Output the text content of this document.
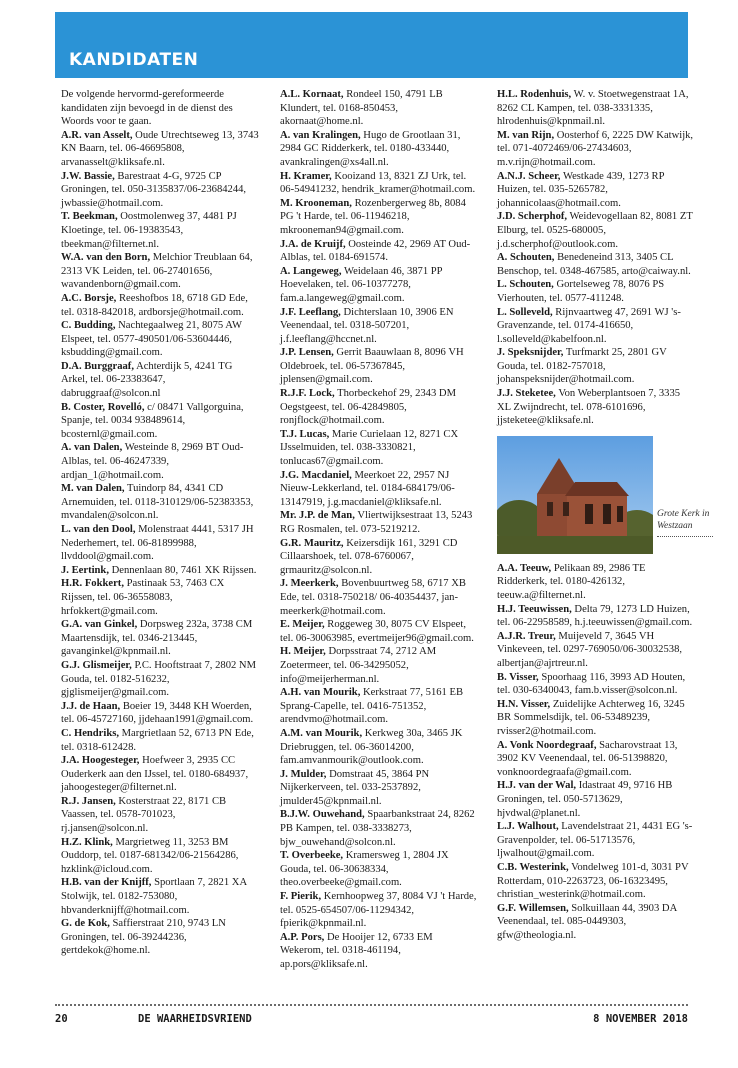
KANDIDATEN

De volgende hervormd-gereformeerde kandidaten zijn bevoegd in de dienst des Woords voor te gaan.

A.R. van Asselt, Oude Utrechtseweg 13, 3743 KN Baarn, tel. 06-46695808, arvanasselt@kliksafe.nl.

J.W. Bassie, Barestraat 4-G, 9725 CP Groningen, tel. 050-3135837/06-23684244, jwbassie@hotmail.com.

T. Beekman, Oostmolenweg 37, 4481 PJ Kloetinge, tel. 06-19383543, tbeekman@filternet.nl.

W.A. van den Born, Melchior Treublaan 64, 2313 VK Leiden, tel. 06-27401656, wavandenborn@gmail.com.

A.C. Borsje, Reeshofbos 18, 6718 GD Ede, tel. 0318-842018, ardborsje@hotmail.com.

C. Budding, Nachtegaalweg 21, 8075 AW Elspeet, tel. 0577-490501/06-53604446, ksbudding@gmail.com.

D.A. Burggraaf, Achterdijk 5, 4241 TG Arkel, tel. 06-23383647, dabruggraaf@solcon.nl

B. Coster, Rovelló, c/ 08471 Vallgorguina, Spanje, tel. 0034 938489614, bcosternl@gmail.com.

A. van Dalen, Westeinde 8, 2969 BT Oud-Alblas, tel. 06-46247339, ardjan_1@hotmail.com.

M. van Dalen, Tuindorp 84, 4341 CD Arnemuiden, tel. 0118-310129/06-52383353, mvandalen@solcon.nl.

L. van den Dool, Molenstraat 4441, 5317 JH Nederhemert, tel. 06-81899988, llvddool@gmail.com.

J. Eertink, Dennenlaan 80, 7461 XK Rijssen.

H.R. Fokkert, Pastinaak 53, 7463 CX Rijssen, tel. 06-36558083, hrfokkert@gmail.com.

G.A. van Ginkel, Dorpsweg 232a, 3738 CM Maartensdijk, tel. 0346-213445, gavanginkel@kpnmail.nl.

G.J. Glismeijer, P.C. Hooftstraat 7, 2802 NM Gouda, tel. 0182-516232, gjglismeijer@gmail.com.

J.J. de Haan, Boeier 19, 3448 KH Woerden, tel. 06-45727160, jjdehaan1991@gmail.com.

C. Hendriks, Margrietlaan 52, 6713 PN Ede, tel. 0318-612428.

J.A. Hoogesteger, Hoefweer 3, 2935 CC Ouderkerk aan den IJssel, tel. 0180-684937, jahoogesteger@filternet.nl.

R.J. Jansen, Kosterstraat 22, 8171 CB Vaassen, tel. 0578-701023, rj.jansen@solcon.nl.

H.Z. Klink, Margrietweg 11, 3253 BM Ouddorp, tel. 0187-681342/06-21564286, hzklink@icloud.com.

H.B. van der Knijff, Sportlaan 7, 2821 XA Stolwijk, tel. 0182-753080, hbvanderknijff@hotmail.com.

G. de Kok, Saffierstraat 210, 9743 LN Groningen, tel. 06-39244236, gertdekok@home.nl.

A.L. Kornaat, Rondeel 150, 4791 LB Klundert, tel. 0168-850453, akornaat@home.nl.

A. van Kralingen, Hugo de Grootlaan 31, 2984 GC Ridderkerk, tel. 0180-433440, avankralingen@xs4all.nl.

H. Kramer, Kooizand 13, 8321 ZJ Urk, tel. 06-54941232, hendrik_kramer@hotmail.com.

M. Krooneman, Rozenbergerweg 8b, 8084 PG 't Harde, tel. 06-11946218, mkrooneman94@gmail.com.

J.A. de Kruijf, Oosteinde 42, 2969 AT Oud-Alblas, tel. 0184-691574.

A. Langeweg, Weidelaan 46, 3871 PP Hoevelaken, tel. 06-10377278, fam.a.langeweg@gmail.com.

J.F. Leeflang, Dichterslaan 10, 3906 EN Veenendaal, tel. 0318-507201, j.f.leeflang@hccnet.nl.

J.P. Lensen, Gerrit Baauwlaan 8, 8096 VH Oldebroek, tel. 06-57367845, jplensen@gmail.com.

R.J.F. Lock, Thorbeckehof 29, 2343 DM Oegstgeest, tel. 06-42849805, ronjflock@hotmail.com.

T.J. Lucas, Marie Curielaan 12, 8271 CX IJsselmuiden, tel. 038-3330821, tonlucas67@gmail.com.

J.G. Macdaniel, Meerkoet 22, 2957 NJ Nieuw-Lekkerland, tel. 0184-684179/06-13147919, j.g.macdaniel@kliksafe.nl.

Mr. J.P. de Man, Vliertwijksestraat 13, 5243 RG Rosmalen, tel. 073-5219212.

G.R. Mauritz, Keizersdijk 161, 3291 CD Cillaarshoek, tel. 078-6760067, grmauritz@solcon.nl.

J. Meerkerk, Bovenbuurtweg 58, 6717 XB Ede, tel. 0318-750218/ 06-40354437, jan-meerkerk@hotmail.com.

E. Meijer, Roggeweg 30, 8075 CV Elspeet, tel. 06-30063985, evertmeijer96@gmail.com.

H. Meijer, Dorpsstraat 74, 2712 AM Zoetermeer, tel. 06-34295052, info@meijerherman.nl.

A.H. van Mourik, Kerkstraat 77, 5161 EB Sprang-Capelle, tel. 0416-751352, arendvmo@hotmail.com.

A.M. van Mourik, Kerkweg 30a, 3465 JK Driebruggen, tel. 06-36014200, fam.amvanmourik@outlook.com.

J. Mulder, Domstraat 45, 3864 PN Nijkerkerveen, tel. 033-2537892, jmulder45@kpnmail.nl.

B.J.W. Ouwehand, Spaarbankstraat 24, 8262 PB Kampen, tel. 038-3338273, bjw_ouwehand@solcon.nl.

T. Overbeeke, Kramersweg 1, 2804 JX Gouda, tel. 06-30638334, theo.overbeeke@gmail.com.

F. Pierik, Kernhoopweg 37, 8084 VJ 't Harde, tel. 0525-654507/06-11294342, fpierik@kpnmail.nl.

A.P. Pors, De Hooijer 12, 6733 EM Wekerom, tel. 0318-461194, ap.pors@kliksafe.nl.

H.L. Rodenhuis, W. v. Stoetwegenstraat 1A, 8262 CL Kampen, tel. 038-3331335, hlrodenhuis@kpnmail.nl.

M. van Rijn, Oosterhof 6, 2225 DW Katwijk, tel. 071-4072469/06-27434603, m.v.rijn@hotmail.com.

A.N.J. Scheer, Westkade 439, 1273 RP Huizen, tel. 035-5265782, johannicolaas@hotmail.com.

J.D. Scherphof, Weidevogellaan 82, 8081 ZT Elburg, tel. 0525-680005, j.d.scherphof@outlook.com.

A. Schouten, Benedeneind 313, 3405 CL Benschop, tel. 0348-467585, arto@caiway.nl.

L. Schouten, Gortelseweg 78, 8076 PS Vierhouten, tel. 0577-411248.

L. Solleveld, Rijnvaartweg 47, 2691 WJ 's-Gravenzande, tel. 0174-416650, l.solleveld@kabelfoon.nl.

J. Speksnijder, Turfmarkt 25, 2801 GV Gouda, tel. 0182-757018, johanspeksnijder@hotmail.com.

J.J. Steketee, Von Weberplantsoen 7, 3335 XL Zwijndrecht, tel. 078-6101696, jjsteketee@kliksafe.nl.

Grote Kerk in Westzaan

A.A. Teeuw, Pelikaan 89, 2986 TE Ridderkerk, tel. 0180-426132, teeuw.a@filternet.nl.

H.J. Teeuwissen, Delta 79, 1273 LD Huizen, tel. 06-22958589, h.j.teeuwissen@gmail.com.

A.J.R. Treur, Muijeveld 7, 3645 VH Vinkeveen, tel. 0297-769050/06-30032538, albertjan@ajrtreur.nl.

B. Visser, Spoorhaag 116, 3993 AD Houten, tel. 030-6340043, fam.b.visser@solcon.nl.

H.N. Visser, Zuidelijke Achterweg 16, 3245 BR Sommelsdijk, tel. 06-53489239, rvisser2@hotmail.com.

A. Vonk Noordegraaf, Sacharovstraat 13, 3902 KV Veenendaal, tel. 06-51398820, vonknoordegraafa@gmail.com.

H.J. van der Wal, Idastraat 49, 9716 HB Groningen, tel. 050-5713629, hjvdwal@planet.nl.

L.J. Walhout, Lavendelstraat 21, 4431 EG 's-Gravenpolder, tel. 06-51713576, ljwalhout@gmail.com.

C.B. Westerink, Vondelweg 101-d, 3031 PV Rotterdam, 010-2263723, 06-16323495, christian_westerink@hotmail.com.

G.F. Willemsen, Solkuillaan 44, 3903 DA Veenendaal, tel. 085-0449303, gfw@theologia.nl.

20	DE WAARHEIDSVRIEND	8 NOVEMBER 2018
